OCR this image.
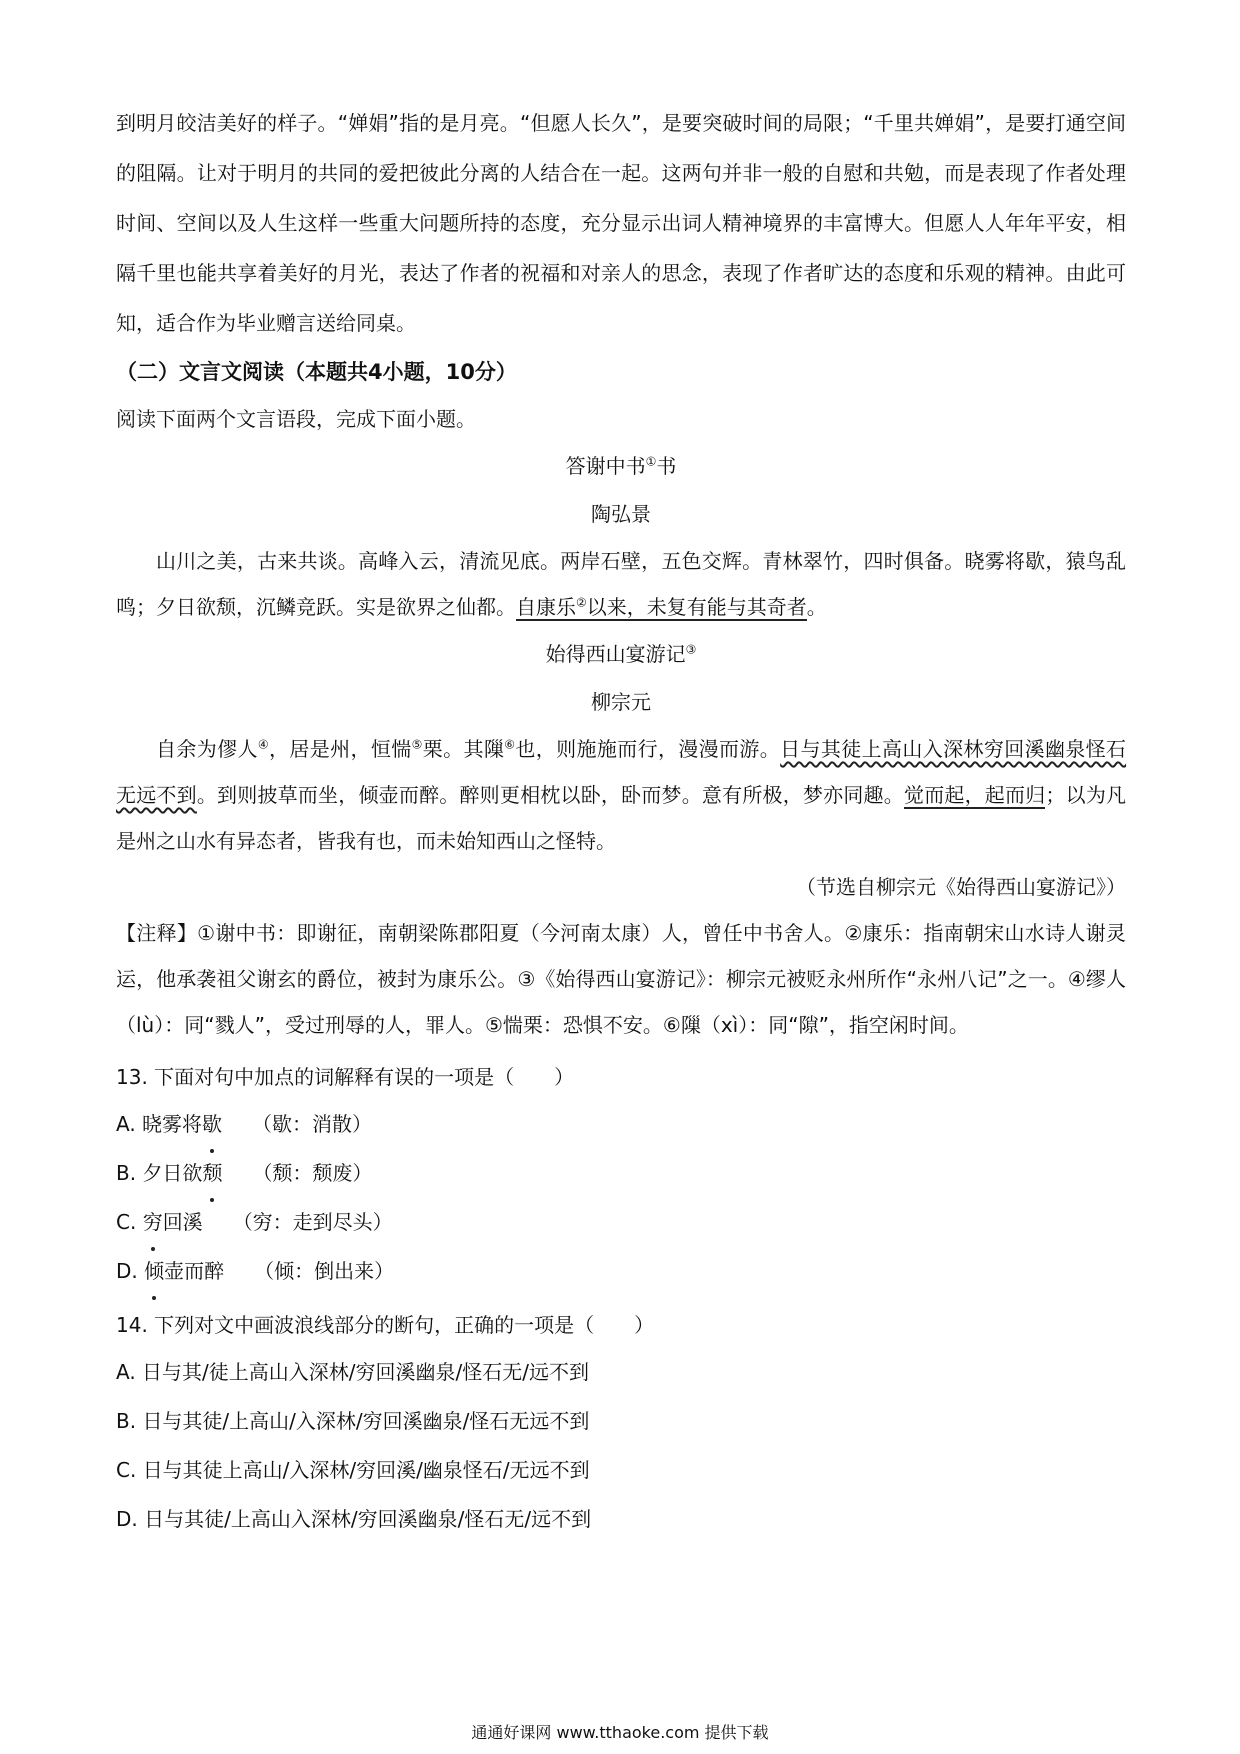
到明月皎洁美好的样子。“婵娟”指的是月亮。“但愿人长久”，是要突破时间的局限；“千里共婵娟”，是要打通空间的阻隔。让对于明月的共同的爱把彼此分离的人结合在一起。这两句并非一般的自慰和共勉，而是表现了作者处理时间、空间以及人生这样一些重大问题所持的态度，充分显示出词人精神境界的丰富博大。但愿人人年年平安，相隔千里也能共享着美好的月光，表达了作者的祝福和对亲人的思念，表现了作者旷达的态度和乐观的精神。由此可知，适合作为毕业赠言送给同桌。

（二）文言文阅读（本题共4小题，10分）

阅读下面两个文言语段，完成下面小题。

答谢中书①书

陶弘景

山川之美，古来共谈。高峰入云，清流见底。两岸石壁，五色交辉。青林翠竹，四时俱备。晓雾将歇，猿鸟乱鸣；夕日欲颓，沉鳞竞跃。实是欲界之仙都。自康乐②以来，未复有能与其奇者。

始得西山宴游记③

柳宗元

自余为僇人④，居是州，恒惴⑤栗。其隟⑥也，则施施而行，漫漫而游。日与其徒上高山入深林穷回溪幽泉怪石无远不到。到则披草而坐，倾壶而醉。醉则更相枕以卧，卧而梦。意有所极，梦亦同趣。觉而起，起而归；以为凡是州之山水有异态者，皆我有也，而未始知西山之怪特。

（节选自柳宗元《始得西山宴游记》）

【注释】①谢中书：即谢征，南朝梁陈郡阳夏（今河南太康）人，曾任中书舍人。②康乐：指南朝宋山水诗人谢灵运，他承袭祖父谢玄的爵位，被封为康乐公。③《始得西山宴游记》：柳宗元被贬永州所作“永州八记”之一。④缪人（lù）：同“戮人”，受过刑辱的人，罪人。⑤惴栗：恐惧不安。⑥隟（xì）：同“隙”，指空闲时间。

13. 下面对句中加点的词解释有误的一项是（　　）

A. 晓雾将歇 （歇：消散）

B. 夕日欲颓 （颓：颓废）

C. 穷回溪 （穷：走到尽头）

D. 倾壶而醉 （倾：倒出来）

14. 下列对文中画波浪线部分的断句，正确的一项是（　　）

A. 日与其/徒上高山入深林/穷回溪幽泉/怪石无/远不到

B. 日与其徒/上高山/入深林/穷回溪幽泉/怪石无远不到

C. 日与其徒上高山/入深林/穷回溪/幽泉怪石/无远不到

D. 日与其徒/上高山入深林/穷回溪幽泉/怪石无/远不到

通通好课网 www.tthaoke.com 提供下载
